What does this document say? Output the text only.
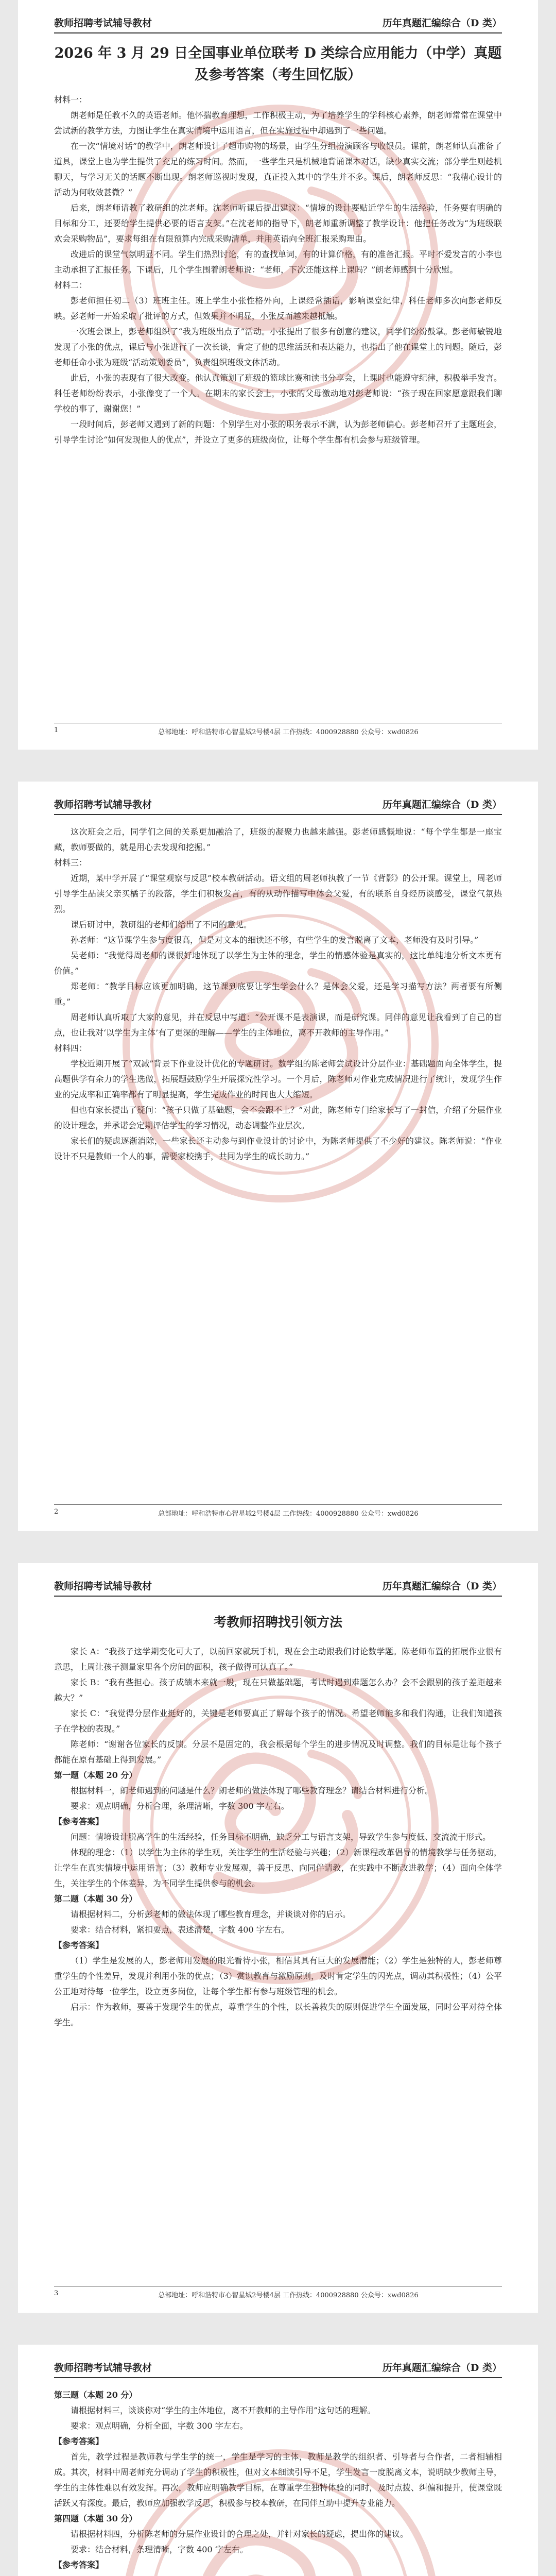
教师招聘考试辅导教材	历年真题汇编综合（D 类）
2026 年 3 月 29 日全国事业单位联考 D 类综合应用能力（中学）真题及参考答案（考生回忆版）

材料一：

朗老师是任教不久的英语老师。他怀揣教育理想，工作积极主动，为了培养学生的学科核心素养，朗老师常常在课堂中尝试新的教学方法，力图让学生在真实情境中运用语言，但在实施过程中却遇到了一些问题。

在一次“情境对话”的教学中，朗老师设计了超市购物的场景，由学生分组扮演顾客与收银员。课前，朗老师认真准备了道具，课堂上也为学生提供了充足的练习时间。然而，一些学生只是机械地背诵课本对话，缺少真实交流；部分学生则趁机聊天，与学习无关的话题不断出现。朗老师巡视时发现，真正投入其中的学生并不多。课后，朗老师反思：“我精心设计的活动为何收效甚微？”

后来，朗老师请教了教研组的沈老师。沈老师听课后提出建议：“情境的设计要贴近学生的生活经验，任务要有明确的目标和分工，还要给学生提供必要的语言支架。”在沈老师的指导下，朗老师重新调整了教学设计：他把任务改为“为班级联欢会采购物品”，要求每组在有限预算内完成采购清单，并用英语向全班汇报采购理由。

改进后的课堂气氛明显不同。学生们热烈讨论，有的查找单词，有的计算价格，有的准备汇报。平时不爱发言的小李也主动承担了汇报任务。下课后，几个学生围着朗老师说：“老师，下次还能这样上课吗？”朗老师感到十分欣慰。

材料二：

彭老师担任初二（3）班班主任。班上学生小张性格外向，上课经常插话，影响课堂纪律，科任老师多次向彭老师反映。彭老师一开始采取了批评的方式，但效果并不明显，小张反而越来越抵触。

一次班会课上，彭老师组织了“我为班级出点子”活动。小张提出了很多有创意的建议，同学们纷纷鼓掌。彭老师敏锐地发现了小张的优点，课后与小张进行了一次长谈，肯定了他的思维活跃和表达能力，也指出了他在课堂上的问题。随后，彭老师任命小张为班级“活动策划委员”，负责组织班级文体活动。

此后，小张的表现有了很大改变。他认真策划了班级的篮球比赛和读书分享会，上课时也能遵守纪律，积极举手发言。科任老师纷纷表示，小张像变了一个人。在期末的家长会上，小张的父母激动地对彭老师说：“孩子现在回家愿意跟我们聊学校的事了，谢谢您！”

一段时间后，彭老师又遇到了新的问题：个别学生对小张的职务表示不满，认为彭老师偏心。彭老师召开了主题班会，引导学生讨论“如何发现他人的优点”，并设立了更多的班级岗位，让每个学生都有机会参与班级管理。

1	总部地址：呼和浩特市心智星城2号楼4层 工作热线：4000928880 公众号：xwd0826
教师招聘考试辅导教材	历年真题汇编综合（D 类）

这次班会之后，同学们之间的关系更加融洽了，班级的凝聚力也越来越强。彭老师感慨地说：“每个学生都是一座宝藏，教师要做的，就是用心去发现和挖掘。”

材料三：

近期，某中学开展了“课堂观察与反思”校本教研活动。语文组的周老师执教了一节《背影》的公开课。课堂上，周老师引导学生品读父亲买橘子的段落，学生们积极发言，有的从动作描写中体会父爱，有的联系自身经历谈感受，课堂气氛热烈。

课后研讨中，教研组的老师们给出了不同的意见。

孙老师：“这节课学生参与度很高，但是对文本的细读还不够，有些学生的发言脱离了文本，老师没有及时引导。”

吴老师：“我觉得周老师的课很好地体现了以学生为主体的理念，学生的情感体验是真实的，这比单纯地分析文本更有价值。”

郑老师：“教学目标应该更加明确，这节课到底要让学生学会什么？是体会父爱，还是学习描写方法？两者要有所侧重。”

周老师认真听取了大家的意见，并在反思中写道：“公开课不是表演课，而是研究课。同伴的意见让我看到了自己的盲点，也让我对‘以学生为主体’有了更深的理解——学生的主体地位，离不开教师的主导作用。”

材料四：

学校近期开展了“双减”背景下作业设计优化的专题研讨。数学组的陈老师尝试设计分层作业：基础题面向全体学生，提高题供学有余力的学生选做，拓展题鼓励学生开展探究性学习。一个月后，陈老师对作业完成情况进行了统计，发现学生作业的完成率和正确率都有了明显提高，学生完成作业的时间也大大缩短。

但也有家长提出了疑问：“孩子只做了基础题，会不会跟不上？”对此，陈老师专门给家长写了一封信，介绍了分层作业的设计理念，并承诺会定期评估学生的学习情况，动态调整作业层次。

家长们的疑虑逐渐消除，一些家长还主动参与到作业设计的讨论中，为陈老师提供了不少好的建议。陈老师说：“作业设计不只是教师一个人的事，需要家校携手，共同为学生的成长助力。”

2	总部地址：呼和浩特市心智星城2号楼4层 工作热线：4000928880 公众号：xwd0826
教师招聘考试辅导教材	历年真题汇编综合（D 类）
考教师招聘找引领方法

家长 A：“我孩子这学期变化可大了，以前回家就玩手机，现在会主动跟我们讨论数学题。陈老师布置的拓展作业很有意思，上周让孩子测量家里各个房间的面积，孩子做得可认真了。”

家长 B：“我有些担心。孩子成绩本来就一般，现在只做基础题，考试时遇到难题怎么办？会不会跟别的孩子差距越来越大？”

家长 C：“我觉得分层作业挺好的，关键是老师要真正了解每个孩子的情况。希望老师能多和我们沟通，让我们知道孩子在学校的表现。”

陈老师：“谢谢各位家长的反馈。分层不是固定的，我会根据每个学生的进步情况及时调整。我们的目标是让每个孩子都能在原有基础上得到发展。”

第一题（本题 20 分）

根据材料一，朗老师遇到的问题是什么？朗老师的做法体现了哪些教育理念？请结合材料进行分析。

要求：观点明确，分析合理，条理清晰，字数 300 字左右。

【参考答案】

问题：情境设计脱离学生的生活经验，任务目标不明确，缺乏分工与语言支架，导致学生参与度低、交流流于形式。

体现的理念：（1）以学生为主体的学生观，关注学生的生活经验与兴趣；（2）新课程改革倡导的情境教学与任务驱动，让学生在真实情境中运用语言；（3）教师专业发展观，善于反思、向同伴请教，在实践中不断改进教学；（4）面向全体学生，关注学生的个体差异，为不同学生提供参与的机会。

第二题（本题 30 分）

请根据材料二，分析彭老师的做法体现了哪些教育理念，并谈谈对你的启示。

要求：结合材料，紧扣要点，表述清楚，字数 400 字左右。

【参考答案】

（1）学生是发展的人，彭老师用发展的眼光看待小张，相信其具有巨大的发展潜能；（2）学生是独特的人，彭老师尊重学生的个性差异，发现并利用小张的优点；（3）赏识教育与激励原则，及时肯定学生的闪光点，调动其积极性；（4）公平公正地对待每一位学生，设立更多岗位，让每个学生都有参与班级管理的机会。

启示：作为教师，要善于发现学生的优点，尊重学生的个性，以长善救失的原则促进学生全面发展，同时公平对待全体学生。

3	总部地址：呼和浩特市心智星城2号楼4层 工作热线：4000928880 公众号：xwd0826
教师招聘考试辅导教材	历年真题汇编综合（D 类）

第三题（本题 20 分）

请根据材料三，谈谈你对“学生的主体地位，离不开教师的主导作用”这句话的理解。

要求：观点明确，分析全面，字数 300 字左右。

【参考答案】

首先，教学过程是教师教与学生学的统一，学生是学习的主体，教师是教学的组织者、引导者与合作者，二者相辅相成。其次，材料中周老师充分调动了学生的积极性，但对文本细读引导不足，学生发言一度脱离文本，说明缺少教师主导，学生的主体性难以有效发挥。再次，教师应明确教学目标，在尊重学生独特体验的同时，及时点拨、纠偏和提升，使课堂既活跃又有深度。最后，教师应加强教学反思，积极参与校本教研，在同伴互助中提升专业能力。

第四题（本题 30 分）

请根据材料四，分析陈老师的分层作业设计的合理之处，并针对家长的疑虑，提出你的建议。

要求：结合材料，条理清晰，字数 400 字左右。

【参考答案】
